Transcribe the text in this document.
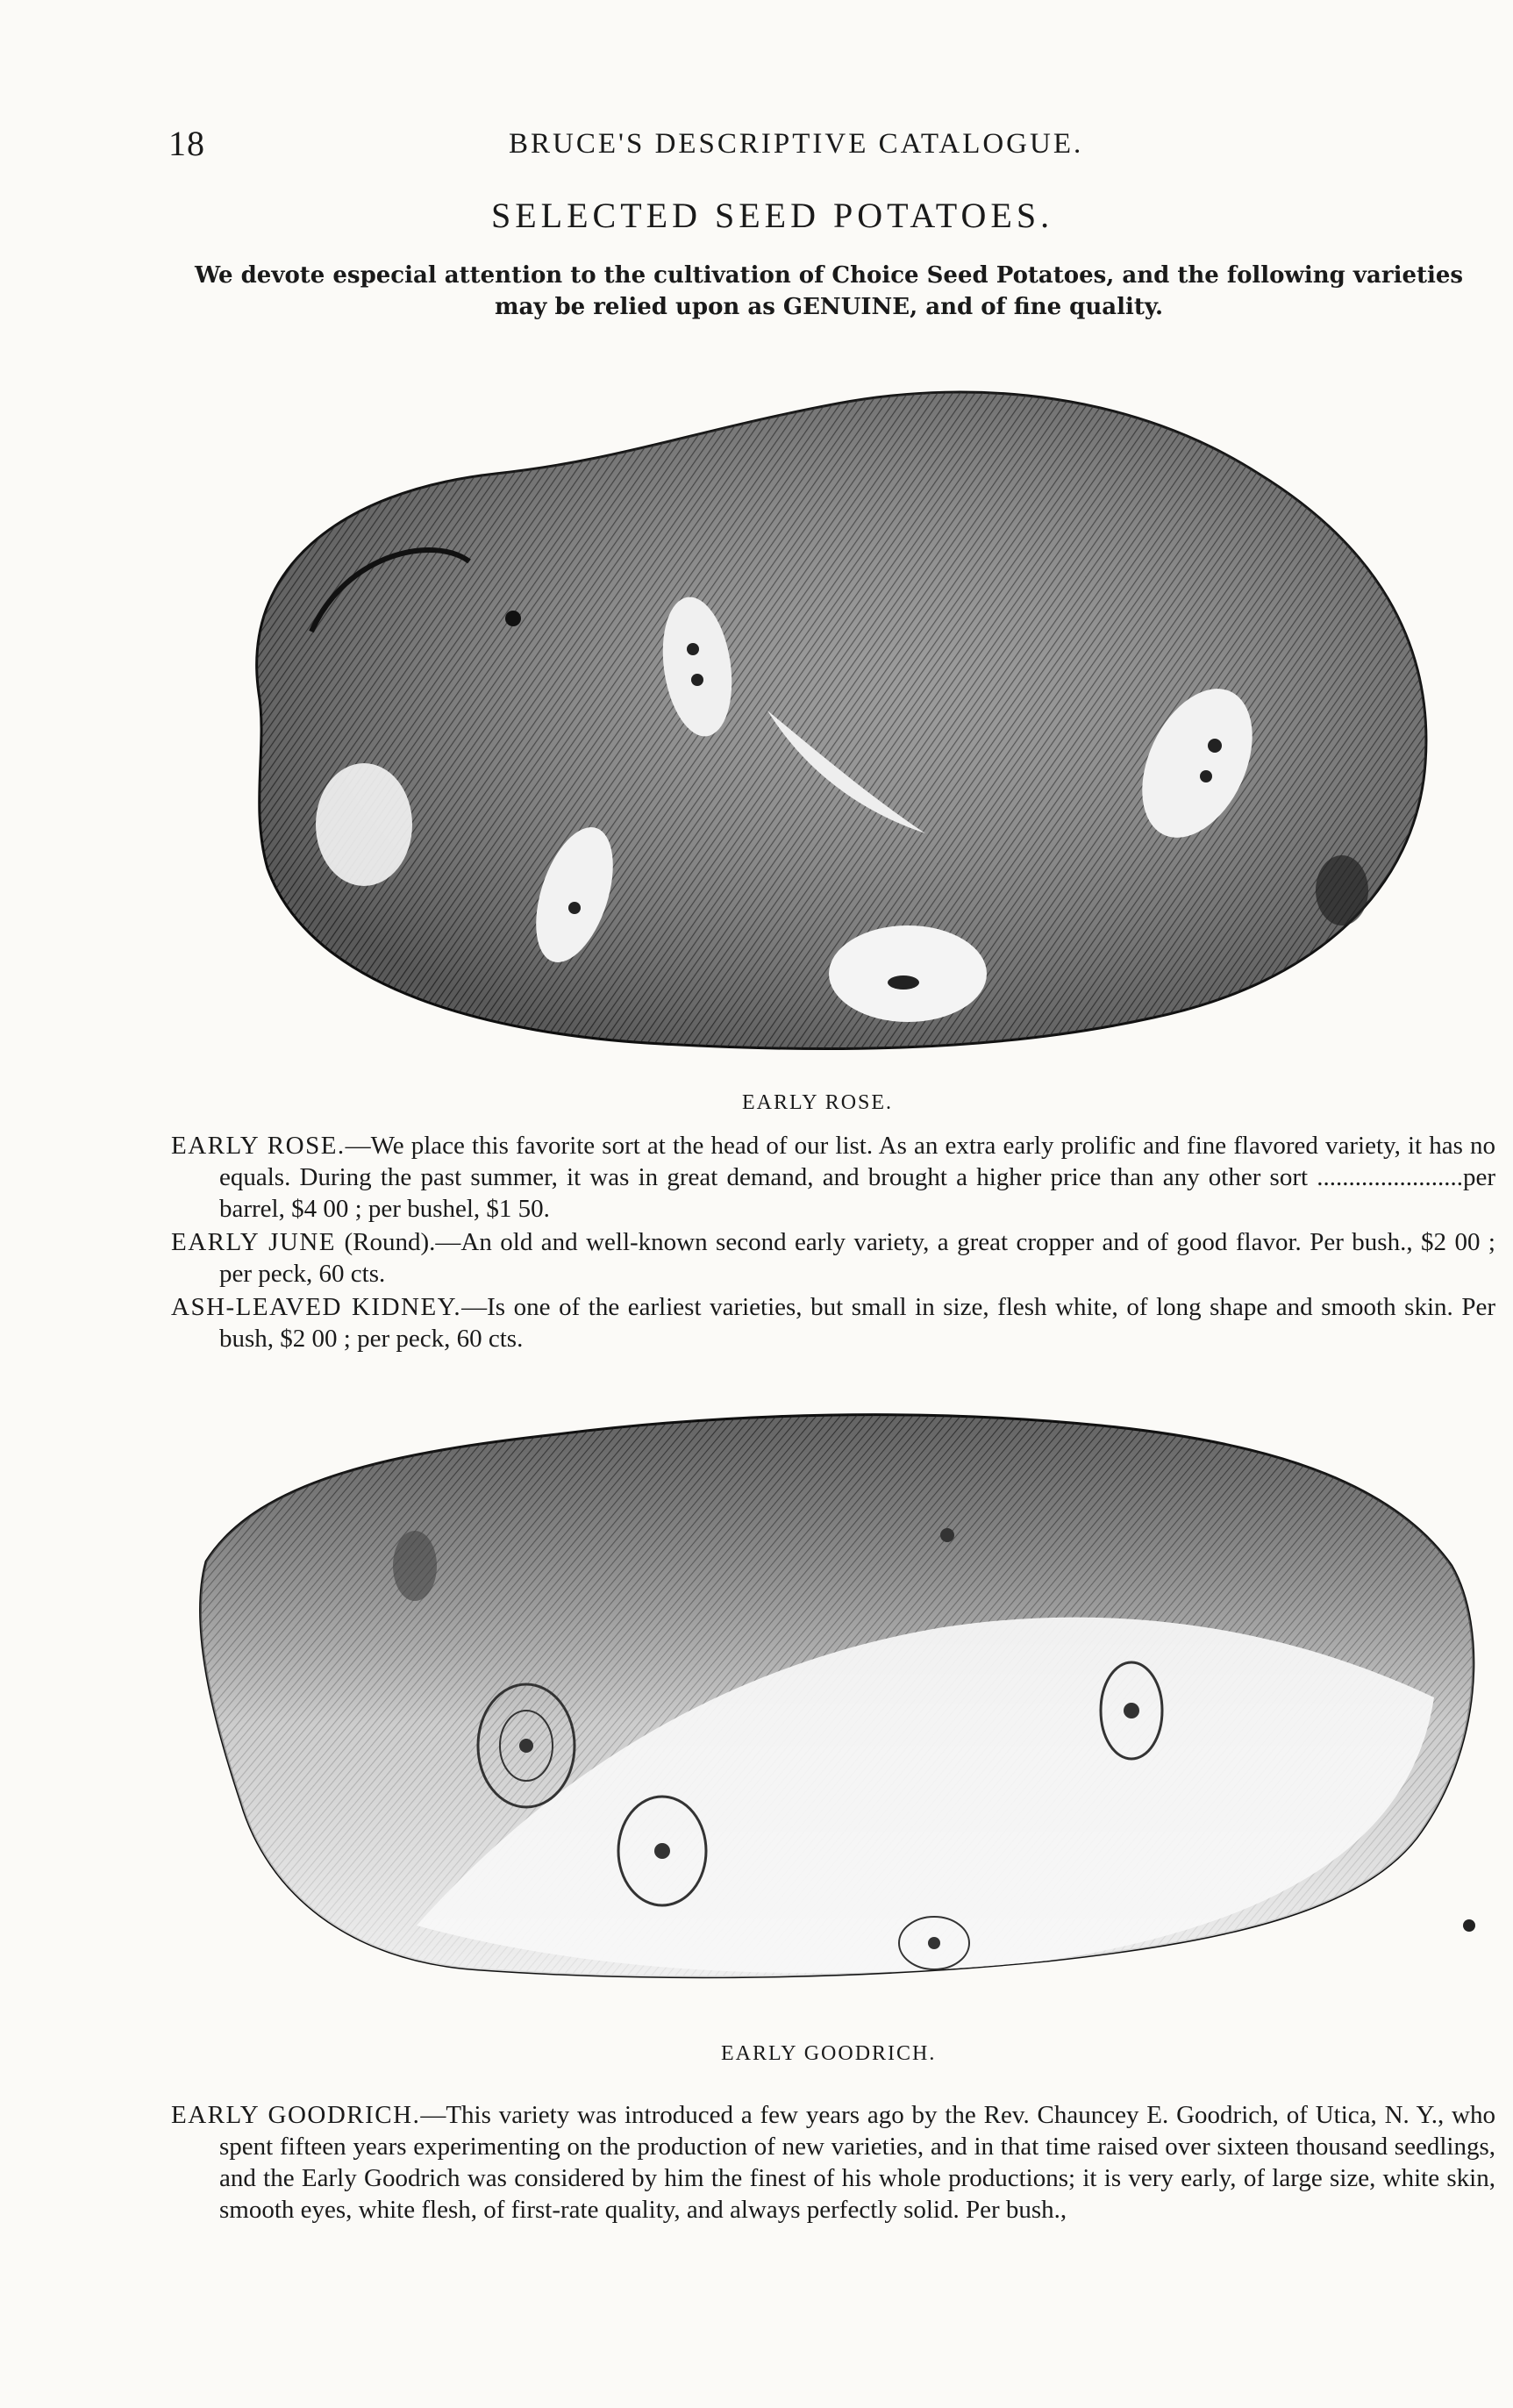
18	BRUCE'S DESCRIPTIVE CATALOGUE.
SELECTED SEED POTATOES.
We devote especial attention to the cultivation of Choice Seed Potatoes, and the following varieties may be relied upon as GENUINE, and of fine quality.
EARLY ROSE.

EARLY ROSE.—We place this favorite sort at the head of our list. As an extra early prolific and fine flavored variety, it has no equals. During the past summer, it was in great demand, and brought a higher price than any other sort .......................per barrel, $4 00 ; per bushel, $1 50.

EARLY JUNE (Round).—An old and well-known second early variety, a great cropper and of good flavor. Per bush., $2 00 ; per peck, 60 cts.

ASH-LEAVED KIDNEY.—Is one of the earliest varieties, but small in size, flesh white, of long shape and smooth skin. Per bush, $2 00 ; per peck, 60 cts.

EARLY GOODRICH.

EARLY GOODRICH.—This variety was introduced a few years ago by the Rev. Chauncey E. Goodrich, of Utica, N. Y., who spent fifteen years experimenting on the production of new varieties, and in that time raised over sixteen thousand seedlings, and the Early Goodrich was considered by him the finest of his whole productions; it is very early, of large size, white skin, smooth eyes, white flesh, of first-rate quality, and always perfectly solid. Per bush.,
